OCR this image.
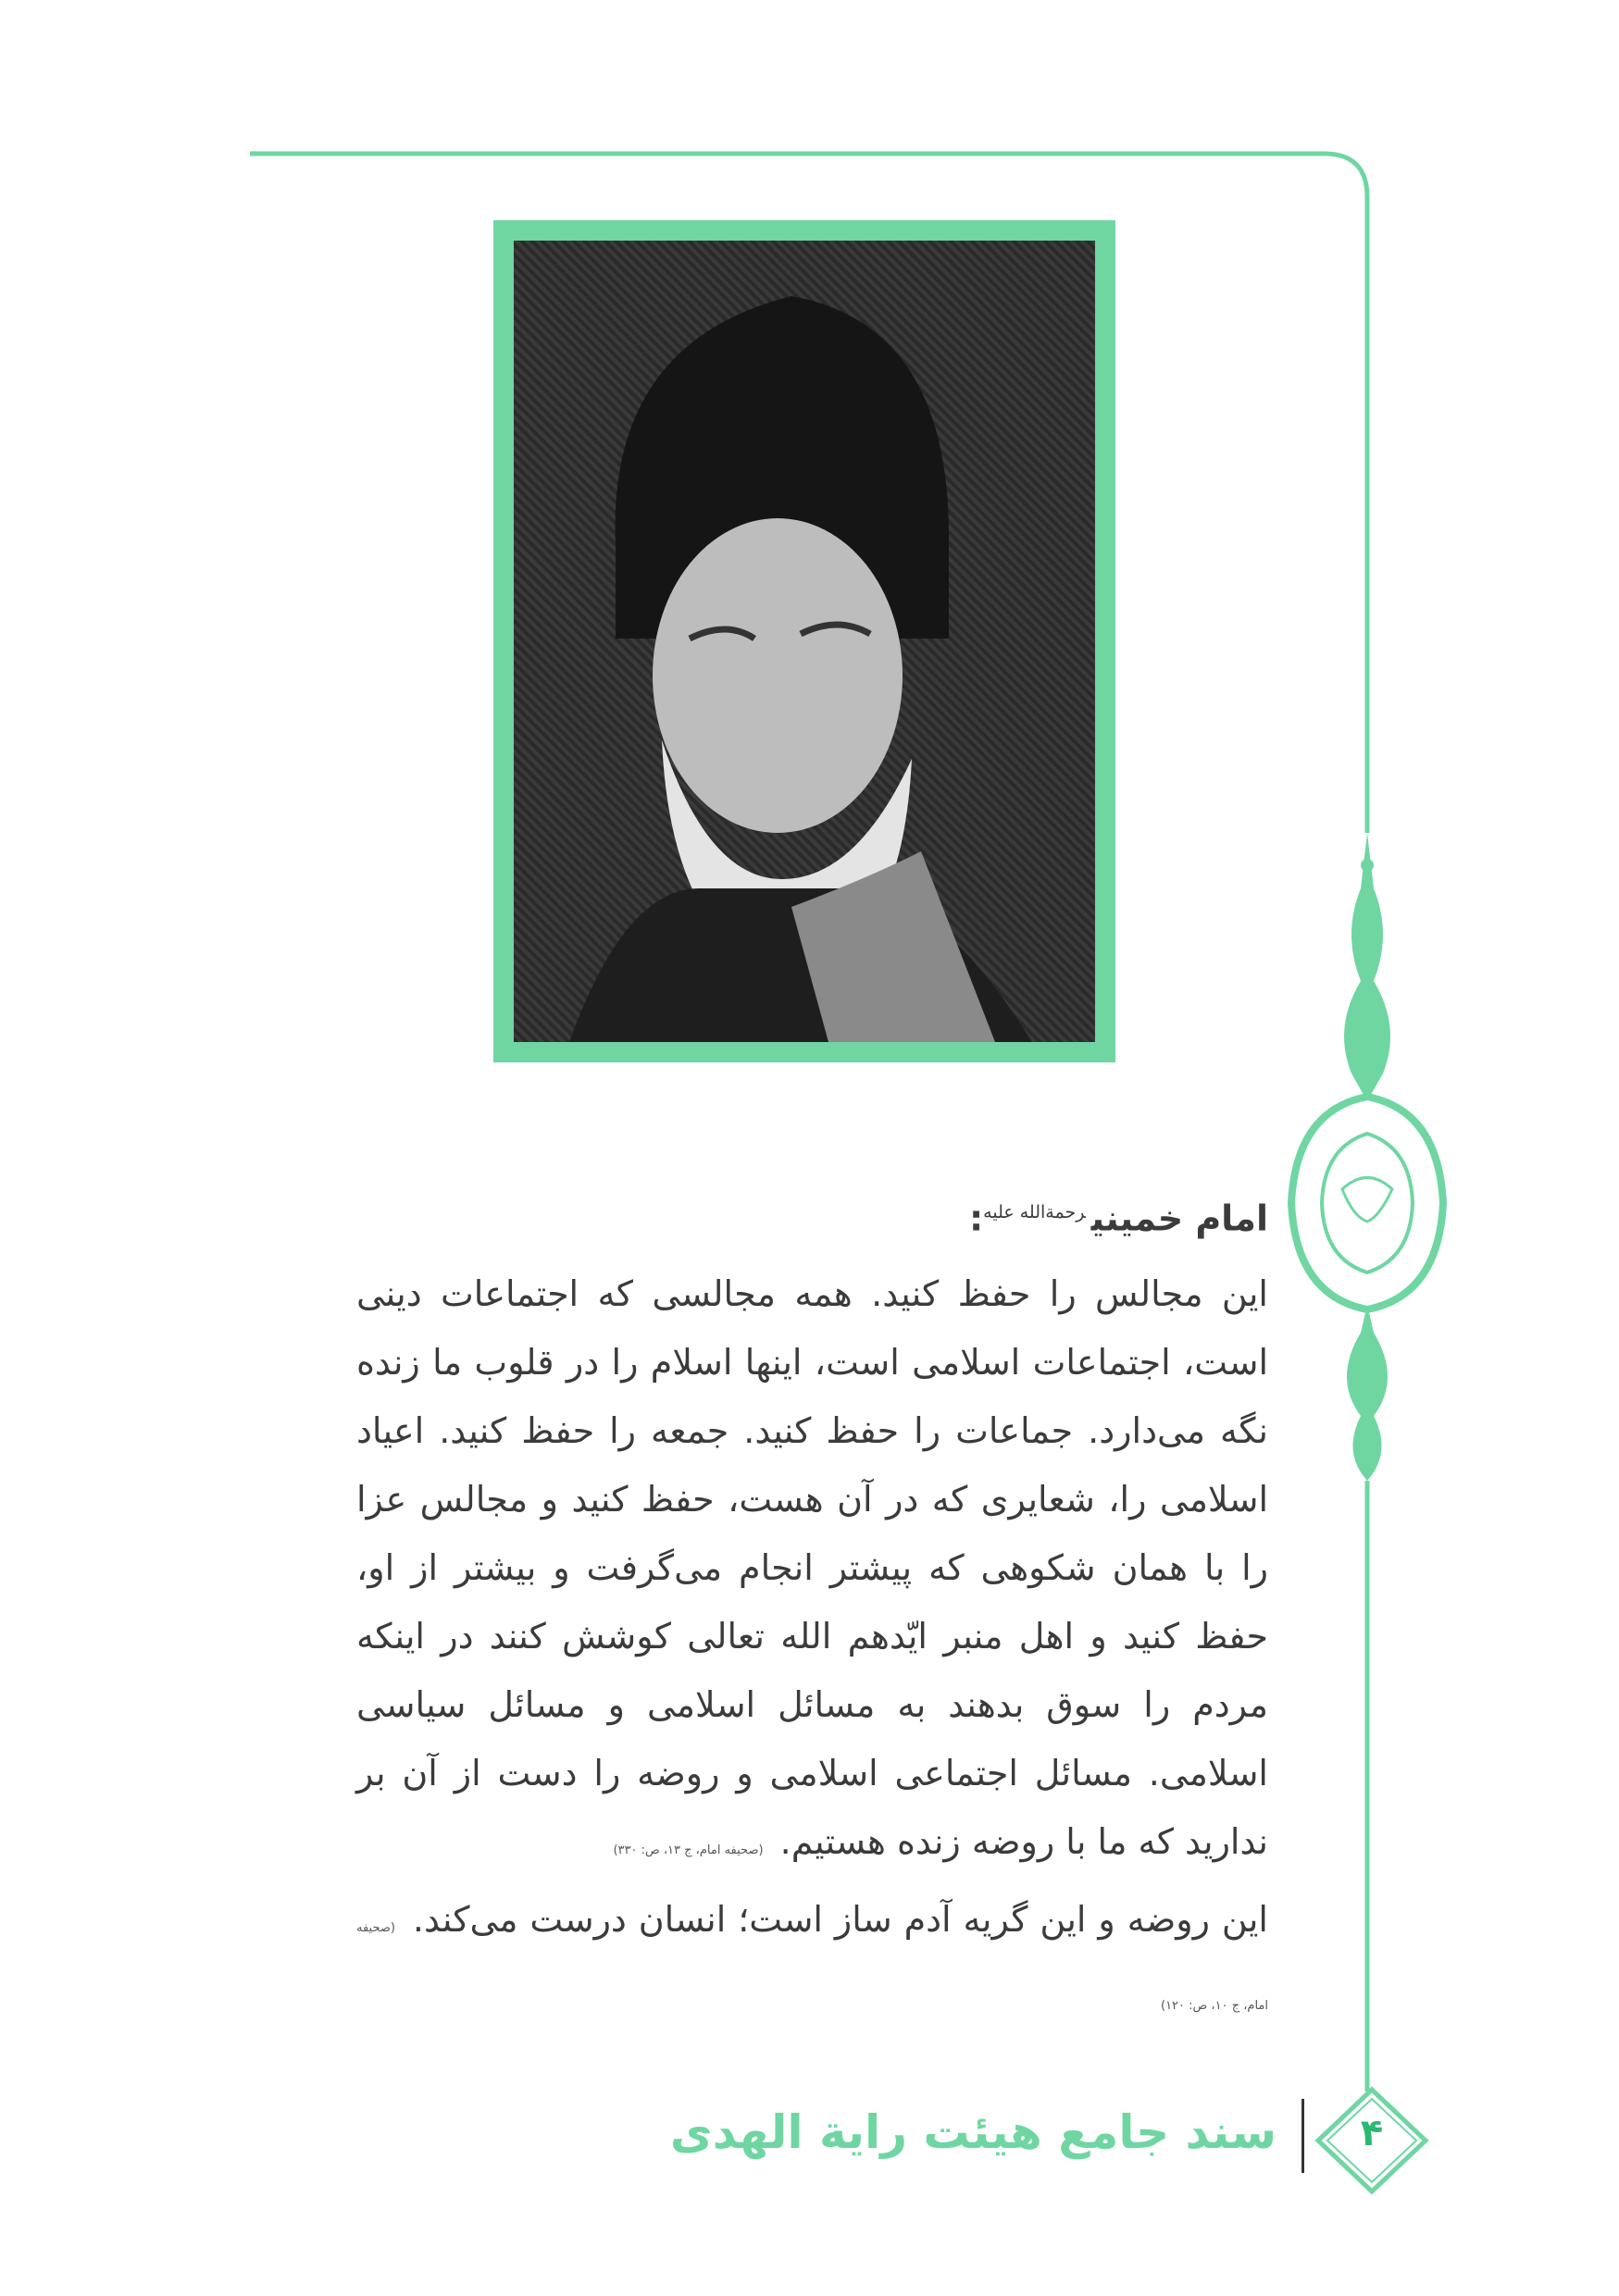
امام خمینی$^{رحمة‌الله علیه}$:

این مجالس را حفظ کنید. همه مجالسی که اجتماعات دینی است، اجتماعات اسلامی است، اینها اسلام را در قلوب ما زنده نگه می‌دارد. جماعات را حفظ کنید. جمعه را حفظ کنید. اعیاد اسلامی را، شعایری که در آن هست، حفظ کنید و مجالس عزا را با همان شکوهی که پیشتر انجام می‌گرفت و بیشتر از او، حفظ کنید و اهل منبر ایّدهم الله تعالی کوشش کنند در اینکه مردم را سوق بدهند به مسائل اسلامی و مسائل سیاسی اسلامی. مسائل اجتماعی اسلامی و روضه را دست از آن بر ندارید که ما با روضه زنده هستیم. (صحیفه امام، ج ۱۳، ص: ۳۳۰)

این روضه و این گریه آدم ساز است؛ انسان درست می‌کند. (صحیفه امام، ج ۱۰، ص: ۱۲۰)

سند جامع هیئت رایة الهدی	۴
